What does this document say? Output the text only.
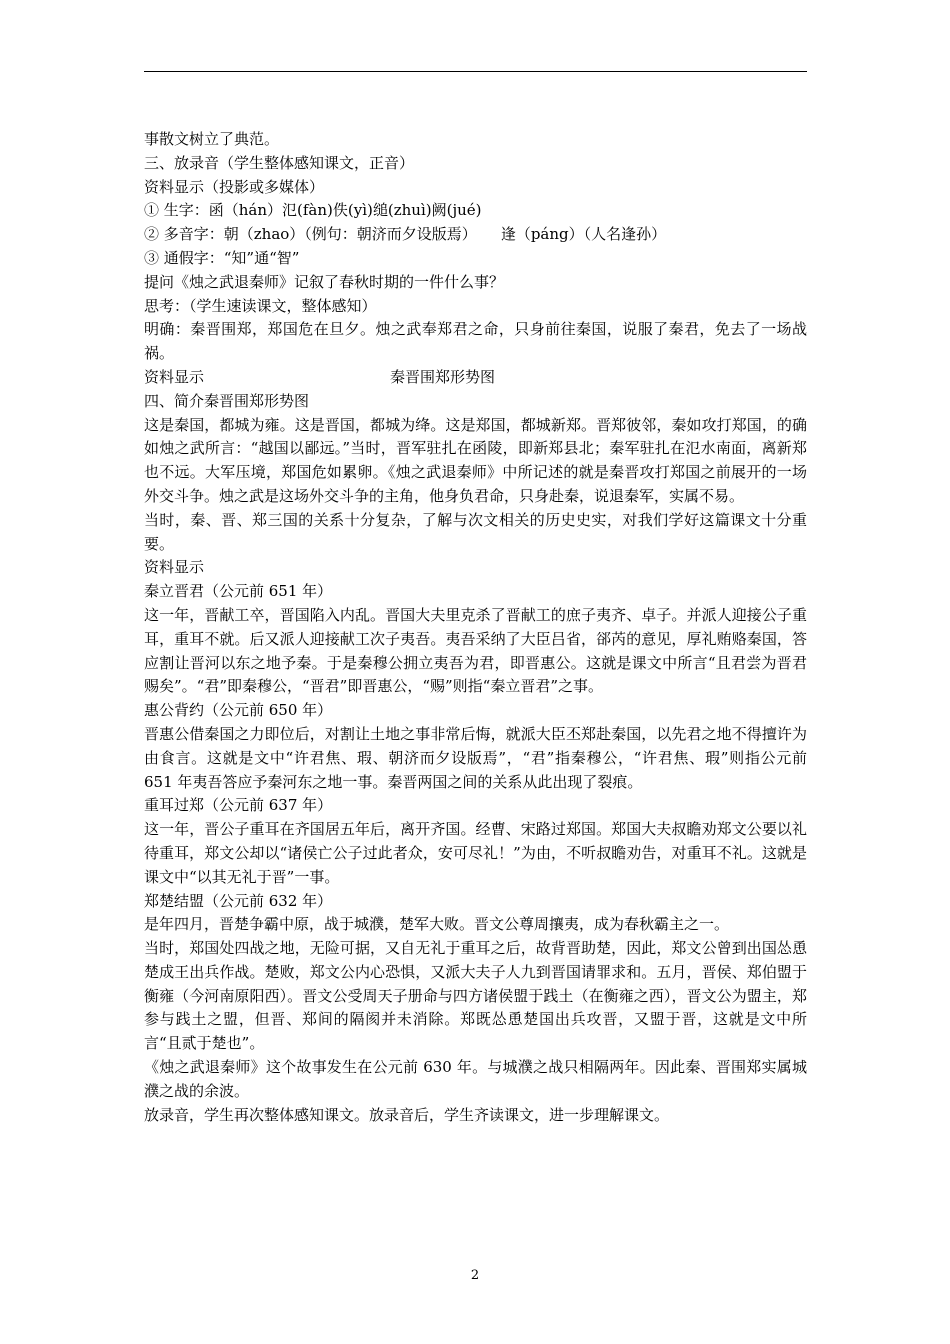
事散文树立了典范。

三、放录音（学生整体感知课文，正音）

资料显示（投影或多媒体）

① 生字：函（hán）氾(fàn)佚(yì)缒(zhuì)阙(jué)

② 多音字：朝（zhao）（例句：朝济而夕设版焉） 逢（páng）（人名逢孙）

③ 通假字：“知”通“智”

提问《烛之武退秦师》记叙了春秋时期的一件什么事？

思考：（学生速读课文，整体感知）

明确：秦晋围郑，郑国危在旦夕。烛之武奉郑君之命，只身前往秦国，说服了秦君，免去了一场战祸。

资料显示	秦晋围郑形势图

四、简介秦晋围郑形势图

这是秦国，都城为雍。这是晋国，都城为绛。这是郑国，都城新郑。晋郑彼邻，秦如攻打郑国，的确如烛之武所言：“越国以鄙远。”当时，晋军驻扎在函陵，即新郑县北；秦军驻扎在氾水南面，离新郑也不远。大军压境，郑国危如累卵。《烛之武退秦师》中所记述的就是秦晋攻打郑国之前展开的一场外交斗争。烛之武是这场外交斗争的主角，他身负君命，只身赴秦，说退秦军，实属不易。

当时，秦、晋、郑三国的关系十分复杂，了解与次文相关的历史史实，对我们学好这篇课文十分重要。

资料显示

秦立晋君（公元前 651 年）

这一年，晋献工卒，晋国陷入内乱。晋国大夫里克杀了晋献工的庶子夷齐、卓子。并派人迎接公子重耳，重耳不就。后又派人迎接献工次子夷吾。夷吾采纳了大臣吕省，郤芮的意见，厚礼贿赂秦国，答应割让晋河以东之地予秦。于是秦穆公拥立夷吾为君，即晋惠公。这就是课文中所言“且君尝为晋君赐矣”。“君”即秦穆公，“晋君”即晋惠公，“赐”则指“秦立晋君”之事。

惠公背约（公元前 650 年）

晋惠公借秦国之力即位后，对割让土地之事非常后悔，就派大臣丕郑赴秦国，以先君之地不得擅许为由食言。这就是文中“许君焦、瑕、朝济而夕设版焉”，“君”指秦穆公，“许君焦、瑕”则指公元前 651 年夷吾答应予秦河东之地一事。秦晋两国之间的关系从此出现了裂痕。

重耳过郑（公元前 637 年）

这一年，晋公子重耳在齐国居五年后，离开齐国。经曹、宋路过郑国。郑国大夫叔瞻劝郑文公要以礼待重耳，郑文公却以“诸侯亡公子过此者众，安可尽礼！”为由，不听叔瞻劝告，对重耳不礼。这就是课文中“以其无礼于晋”一事。

郑楚结盟（公元前 632 年）

是年四月，晋楚争霸中原，战于城濮，楚军大败。晋文公尊周攘夷，成为春秋霸主之一。

当时，郑国处四战之地，无险可据，又自无礼于重耳之后，故背晋助楚，因此，郑文公曾到出国怂恿楚成王出兵作战。楚败，郑文公内心恐惧，又派大夫子人九到晋国请罪求和。五月，晋侯、郑伯盟于衡雍（今河南原阳西）。晋文公受周天子册命与四方诸侯盟于践土（在衡雍之西），晋文公为盟主，郑参与践土之盟，但晋、郑间的隔阂并未消除。郑既怂恿楚国出兵攻晋，又盟于晋，这就是文中所言“且贰于楚也”。

《烛之武退秦师》这个故事发生在公元前 630 年。与城濮之战只相隔两年。因此秦、晋围郑实属城濮之战的余波。

放录音，学生再次整体感知课文。放录音后，学生齐读课文，进一步理解课文。

2
